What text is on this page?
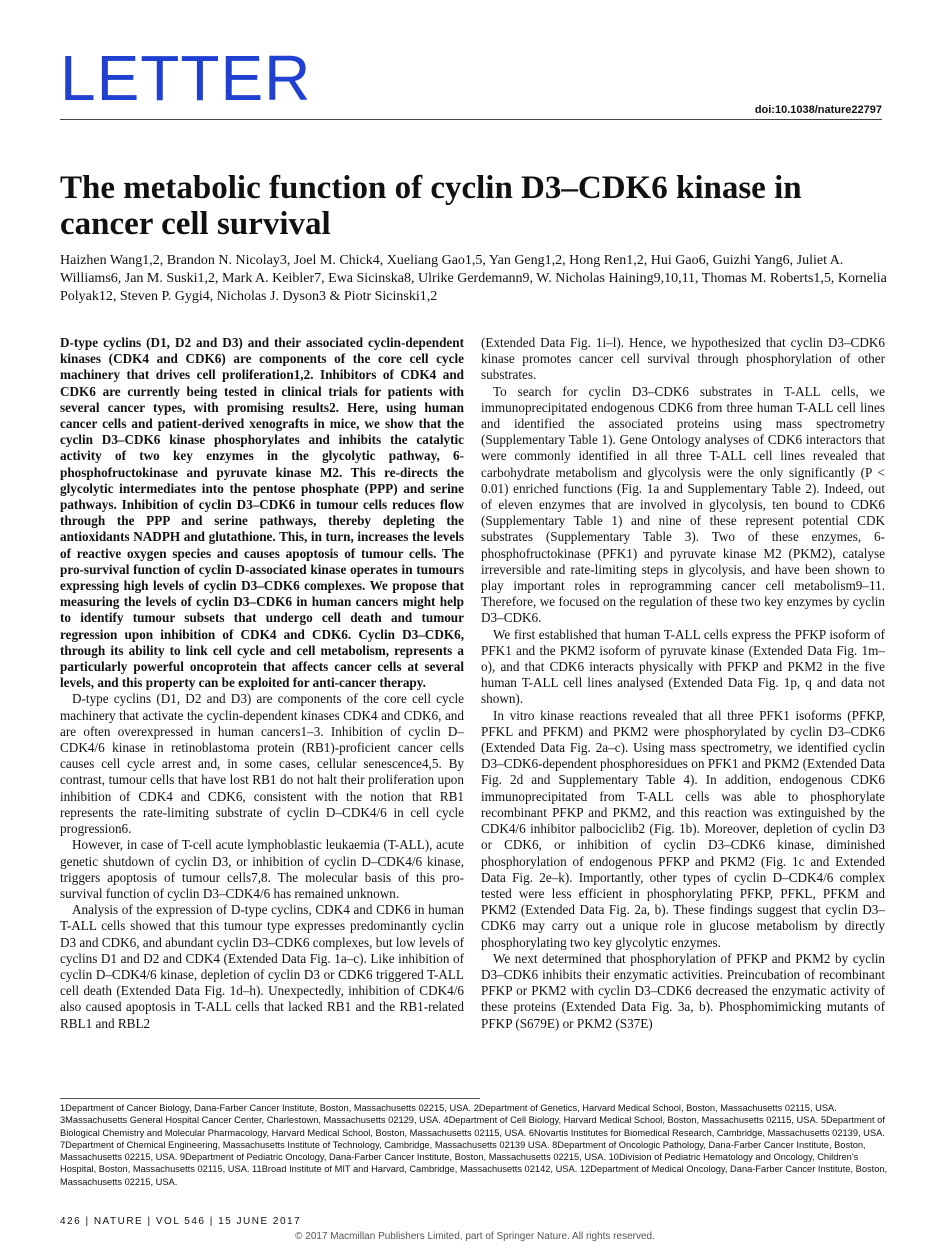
LETTER	doi:10.1038/nature22797
The metabolic function of cyclin D3–CDK6 kinase in cancer cell survival
Haizhen Wang1,2, Brandon N. Nicolay3, Joel M. Chick4, Xueliang Gao1,5, Yan Geng1,2, Hong Ren1,2, Hui Gao6, Guizhi Yang6, Juliet A. Williams6, Jan M. Suski1,2, Mark A. Keibler7, Ewa Sicinska8, Ulrike Gerdemann9, W. Nicholas Haining9,10,11, Thomas M. Roberts1,5, Kornelia Polyak12, Steven P. Gygi4, Nicholas J. Dyson3 & Piotr Sicinski1,2

D-type cyclins (D1, D2 and D3) and their associated cyclin-dependent kinases (CDK4 and CDK6) are components of the core cell cycle machinery that drives cell proliferation1,2. Inhibitors of CDK4 and CDK6 are currently being tested in clinical trials for patients with several cancer types, with promising results2. Here, using human cancer cells and patient-derived xenografts in mice, we show that the cyclin D3–CDK6 kinase phosphorylates and inhibits the catalytic activity of two key enzymes in the glycolytic pathway, 6-phosphofructokinase and pyruvate kinase M2. This re-directs the glycolytic intermediates into the pentose phosphate (PPP) and serine pathways. Inhibition of cyclin D3–CDK6 in tumour cells reduces flow through the PPP and serine pathways, thereby depleting the antioxidants NADPH and glutathione. This, in turn, increases the levels of reactive oxygen species and causes apoptosis of tumour cells. The pro-survival function of cyclin D-associated kinase operates in tumours expressing high levels of cyclin D3–CDK6 complexes. We propose that measuring the levels of cyclin D3–CDK6 in human cancers might help to identify tumour subsets that undergo cell death and tumour regression upon inhibition of CDK4 and CDK6. Cyclin D3–CDK6, through its ability to link cell cycle and cell metabolism, represents a particularly powerful oncoprotein that affects cancer cells at several levels, and this property can be exploited for anti-cancer therapy.

D-type cyclins (D1, D2 and D3) are components of the core cell cycle machinery that activate the cyclin-dependent kinases CDK4 and CDK6, and are often overexpressed in human cancers1–3. Inhibition of cyclin D–CDK4/6 kinase in retinoblastoma protein (RB1)-proficient cancer cells causes cell cycle arrest and, in some cases, cellular senescence4,5. By contrast, tumour cells that have lost RB1 do not halt their proliferation upon inhibition of CDK4 and CDK6, consistent with the notion that RB1 represents the rate-limiting substrate of cyclin D–CDK4/6 in cell cycle progression6.

However, in case of T-cell acute lymphoblastic leukaemia (T-ALL), acute genetic shutdown of cyclin D3, or inhibition of cyclin D–CDK4/6 kinase, triggers apoptosis of tumour cells7,8. The molecular basis of this pro-survival function of cyclin D3–CDK4/6 has remained unknown.

Analysis of the expression of D-type cyclins, CDK4 and CDK6 in human T-ALL cells showed that this tumour type expresses predominantly cyclin D3 and CDK6, and abundant cyclin D3–CDK6 complexes, but low levels of cyclins D1 and D2 and CDK4 (Extended Data Fig. 1a–c). Like inhibition of cyclin D–CDK4/6 kinase, depletion of cyclin D3 or CDK6 triggered T-ALL cell death (Extended Data Fig. 1d–h). Unexpectedly, inhibition of CDK4/6 also caused apoptosis in T-ALL cells that lacked RB1 and the RB1-related RBL1 and RBL2

(Extended Data Fig. 1i–l). Hence, we hypothesized that cyclin D3–CDK6 kinase promotes cancer cell survival through phosphorylation of other substrates.

To search for cyclin D3–CDK6 substrates in T-ALL cells, we immunoprecipitated endogenous CDK6 from three human T-ALL cell lines and identified the associated proteins using mass spectrometry (Supplementary Table 1). Gene Ontology analyses of CDK6 interactors that were commonly identified in all three T-ALL cell lines revealed that carbohydrate metabolism and glycolysis were the only significantly (P < 0.01) enriched functions (Fig. 1a and Supplementary Table 2). Indeed, out of eleven enzymes that are involved in glycolysis, ten bound to CDK6 (Supplementary Table 1) and nine of these represent potential CDK substrates (Supplementary Table 3). Two of these enzymes, 6-phosphofructokinase (PFK1) and pyruvate kinase M2 (PKM2), catalyse irreversible and rate-limiting steps in glycolysis, and have been shown to play important roles in reprogramming cancer cell metabolism9–11. Therefore, we focused on the regulation of these two key enzymes by cyclin D3–CDK6.

We first established that human T-ALL cells express the PFKP isoform of PFK1 and the PKM2 isoform of pyruvate kinase (Extended Data Fig. 1m–o), and that CDK6 interacts physically with PFKP and PKM2 in the five human T-ALL cell lines analysed (Extended Data Fig. 1p, q and data not shown).

In vitro kinase reactions revealed that all three PFK1 isoforms (PFKP, PFKL and PFKM) and PKM2 were phosphorylated by cyclin D3–CDK6 (Extended Data Fig. 2a–c). Using mass spectrometry, we identified cyclin D3–CDK6-dependent phosphoresidues on PFK1 and PKM2 (Extended Data Fig. 2d and Supplementary Table 4). In addition, endogenous CDK6 immunoprecipitated from T-ALL cells was able to phosphorylate recombinant PFKP and PKM2, and this reaction was extinguished by the CDK4/6 inhibitor palbociclib2 (Fig. 1b). Moreover, depletion of cyclin D3 or CDK6, or inhibition of cyclin D3–CDK6 kinase, diminished phosphorylation of endogenous PFKP and PKM2 (Fig. 1c and Extended Data Fig. 2e–k). Importantly, other types of cyclin D–CDK4/6 complex tested were less efficient in phosphorylating PFKP, PFKL, PFKM and PKM2 (Extended Data Fig. 2a, b). These findings suggest that cyclin D3–CDK6 may carry out a unique role in glucose metabolism by directly phosphorylating two key glycolytic enzymes.

We next determined that phosphorylation of PFKP and PKM2 by cyclin D3–CDK6 inhibits their enzymatic activities. Preincubation of recombinant PFKP or PKM2 with cyclin D3–CDK6 decreased the enzymatic activity of these proteins (Extended Data Fig. 3a, b). Phosphomimicking mutants of PFKP (S679E) or PKM2 (S37E)

1Department of Cancer Biology, Dana-Farber Cancer Institute, Boston, Massachusetts 02215, USA. 2Department of Genetics, Harvard Medical School, Boston, Massachusetts 02115, USA. 3Massachusetts General Hospital Cancer Center, Charlestown, Massachusetts 02129, USA. 4Department of Cell Biology, Harvard Medical School, Boston, Massachusetts 02115, USA. 5Department of Biological Chemistry and Molecular Pharmacology, Harvard Medical School, Boston, Massachusetts 02115, USA. 6Novartis Institutes for Biomedical Research, Cambridge, Massachusetts 02139, USA. 7Department of Chemical Engineering, Massachusetts Institute of Technology, Cambridge, Massachusetts 02139 USA. 8Department of Oncologic Pathology, Dana-Farber Cancer Institute, Boston, Massachusetts 02215, USA. 9Department of Pediatric Oncology, Dana-Farber Cancer Institute, Boston, Massachusetts 02215, USA. 10Division of Pediatric Hematology and Oncology, Children's Hospital, Boston, Massachusetts 02115, USA. 11Broad Institute of MIT and Harvard, Cambridge, Massachusetts 02142, USA. 12Department of Medical Oncology, Dana-Farber Cancer Institute, Boston, Massachusetts 02215, USA.
426 | NATURE | VOL 546 | 15 JUNE 2017
© 2017 Macmillan Publishers Limited, part of Springer Nature. All rights reserved.
